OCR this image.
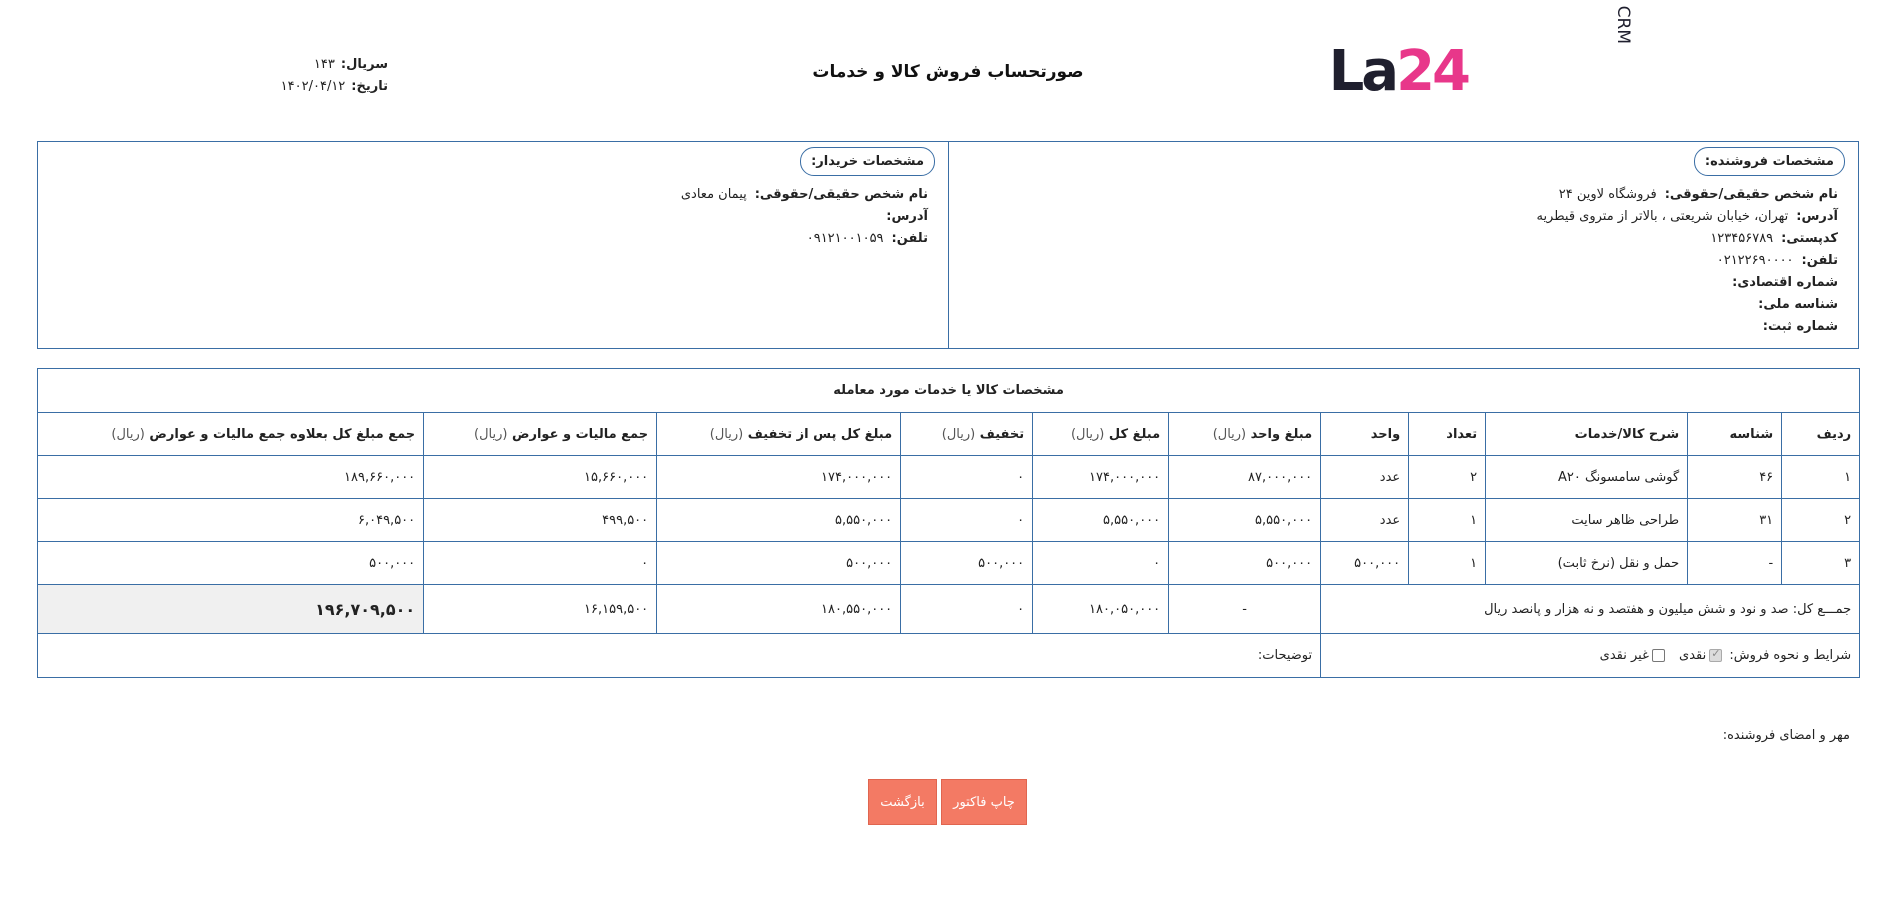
La24
CRM
صورتحساب فروش کالا و خدمات
سریال:۱۴۳
تاریخ:۱۴۰۲/۰۴/۱۲
مشخصات فروشنده:
نام شخص حقیقی/حقوقی:فروشگاه لاوین ۲۴
آدرس:تهران، خیابان شریعتی ، بالاتر از متروی قیطریه
کدپستی:۱۲۳۴۵۶۷۸۹
تلفن:۰۲۱۲۲۶۹۰۰۰۰
شماره اقتصادی:
شناسه ملی:
شماره ثبت:
مشخصات خریدار:
نام شخص حقیقی/حقوقی:پیمان معادی
آدرس:
تلفن:۰۹۱۲۱۰۰۱۰۵۹
مشخصات کالا یا خدمات مورد معامله										
ردیف	شناسه	شرح کالا/خدمات	تعداد	واحد	مبلغ واحد (ریال)	مبلغ کل (ریال)	تخفیف (ریال)	مبلغ کل پس از تخفیف (ریال)	جمع مالیات و عوارض (ریال)	جمع مبلغ کل بعلاوه جمع مالیات و عوارض (ریال)
۱	۴۶	گوشی سامسونگ A۲۰	۲	عدد	۸۷,۰۰۰,۰۰۰	۱۷۴,۰۰۰,۰۰۰	۰	۱۷۴,۰۰۰,۰۰۰	۱۵,۶۶۰,۰۰۰	۱۸۹,۶۶۰,۰۰۰
۲	۳۱	طراحی ظاهر سایت	۱	عدد	۵,۵۵۰,۰۰۰	۵,۵۵۰,۰۰۰	۰	۵,۵۵۰,۰۰۰	۴۹۹,۵۰۰	۶,۰۴۹,۵۰۰
۳	-	حمل و نقل (نرخ ثابت)	۱	۵۰۰,۰۰۰	۵۰۰,۰۰۰	۰	۵۰۰,۰۰۰	۵۰۰,۰۰۰	۰	۵۰۰,۰۰۰
جمـــع کل: صد و نود و شش میلیون و هفتصد و نه هزار و پانصد ریال					-	۱۸۰,۰۵۰,۰۰۰	۰	۱۸۰,۵۵۰,۰۰۰	۱۶,۱۵۹,۵۰۰	۱۹۶,۷۰۹,۵۰۰
شرایط و نحوه فروش: ✓نقدی غیر نقدی					توضیحات:					
مهر و امضای فروشنده:
چاپ فاکتور
بازگشت
